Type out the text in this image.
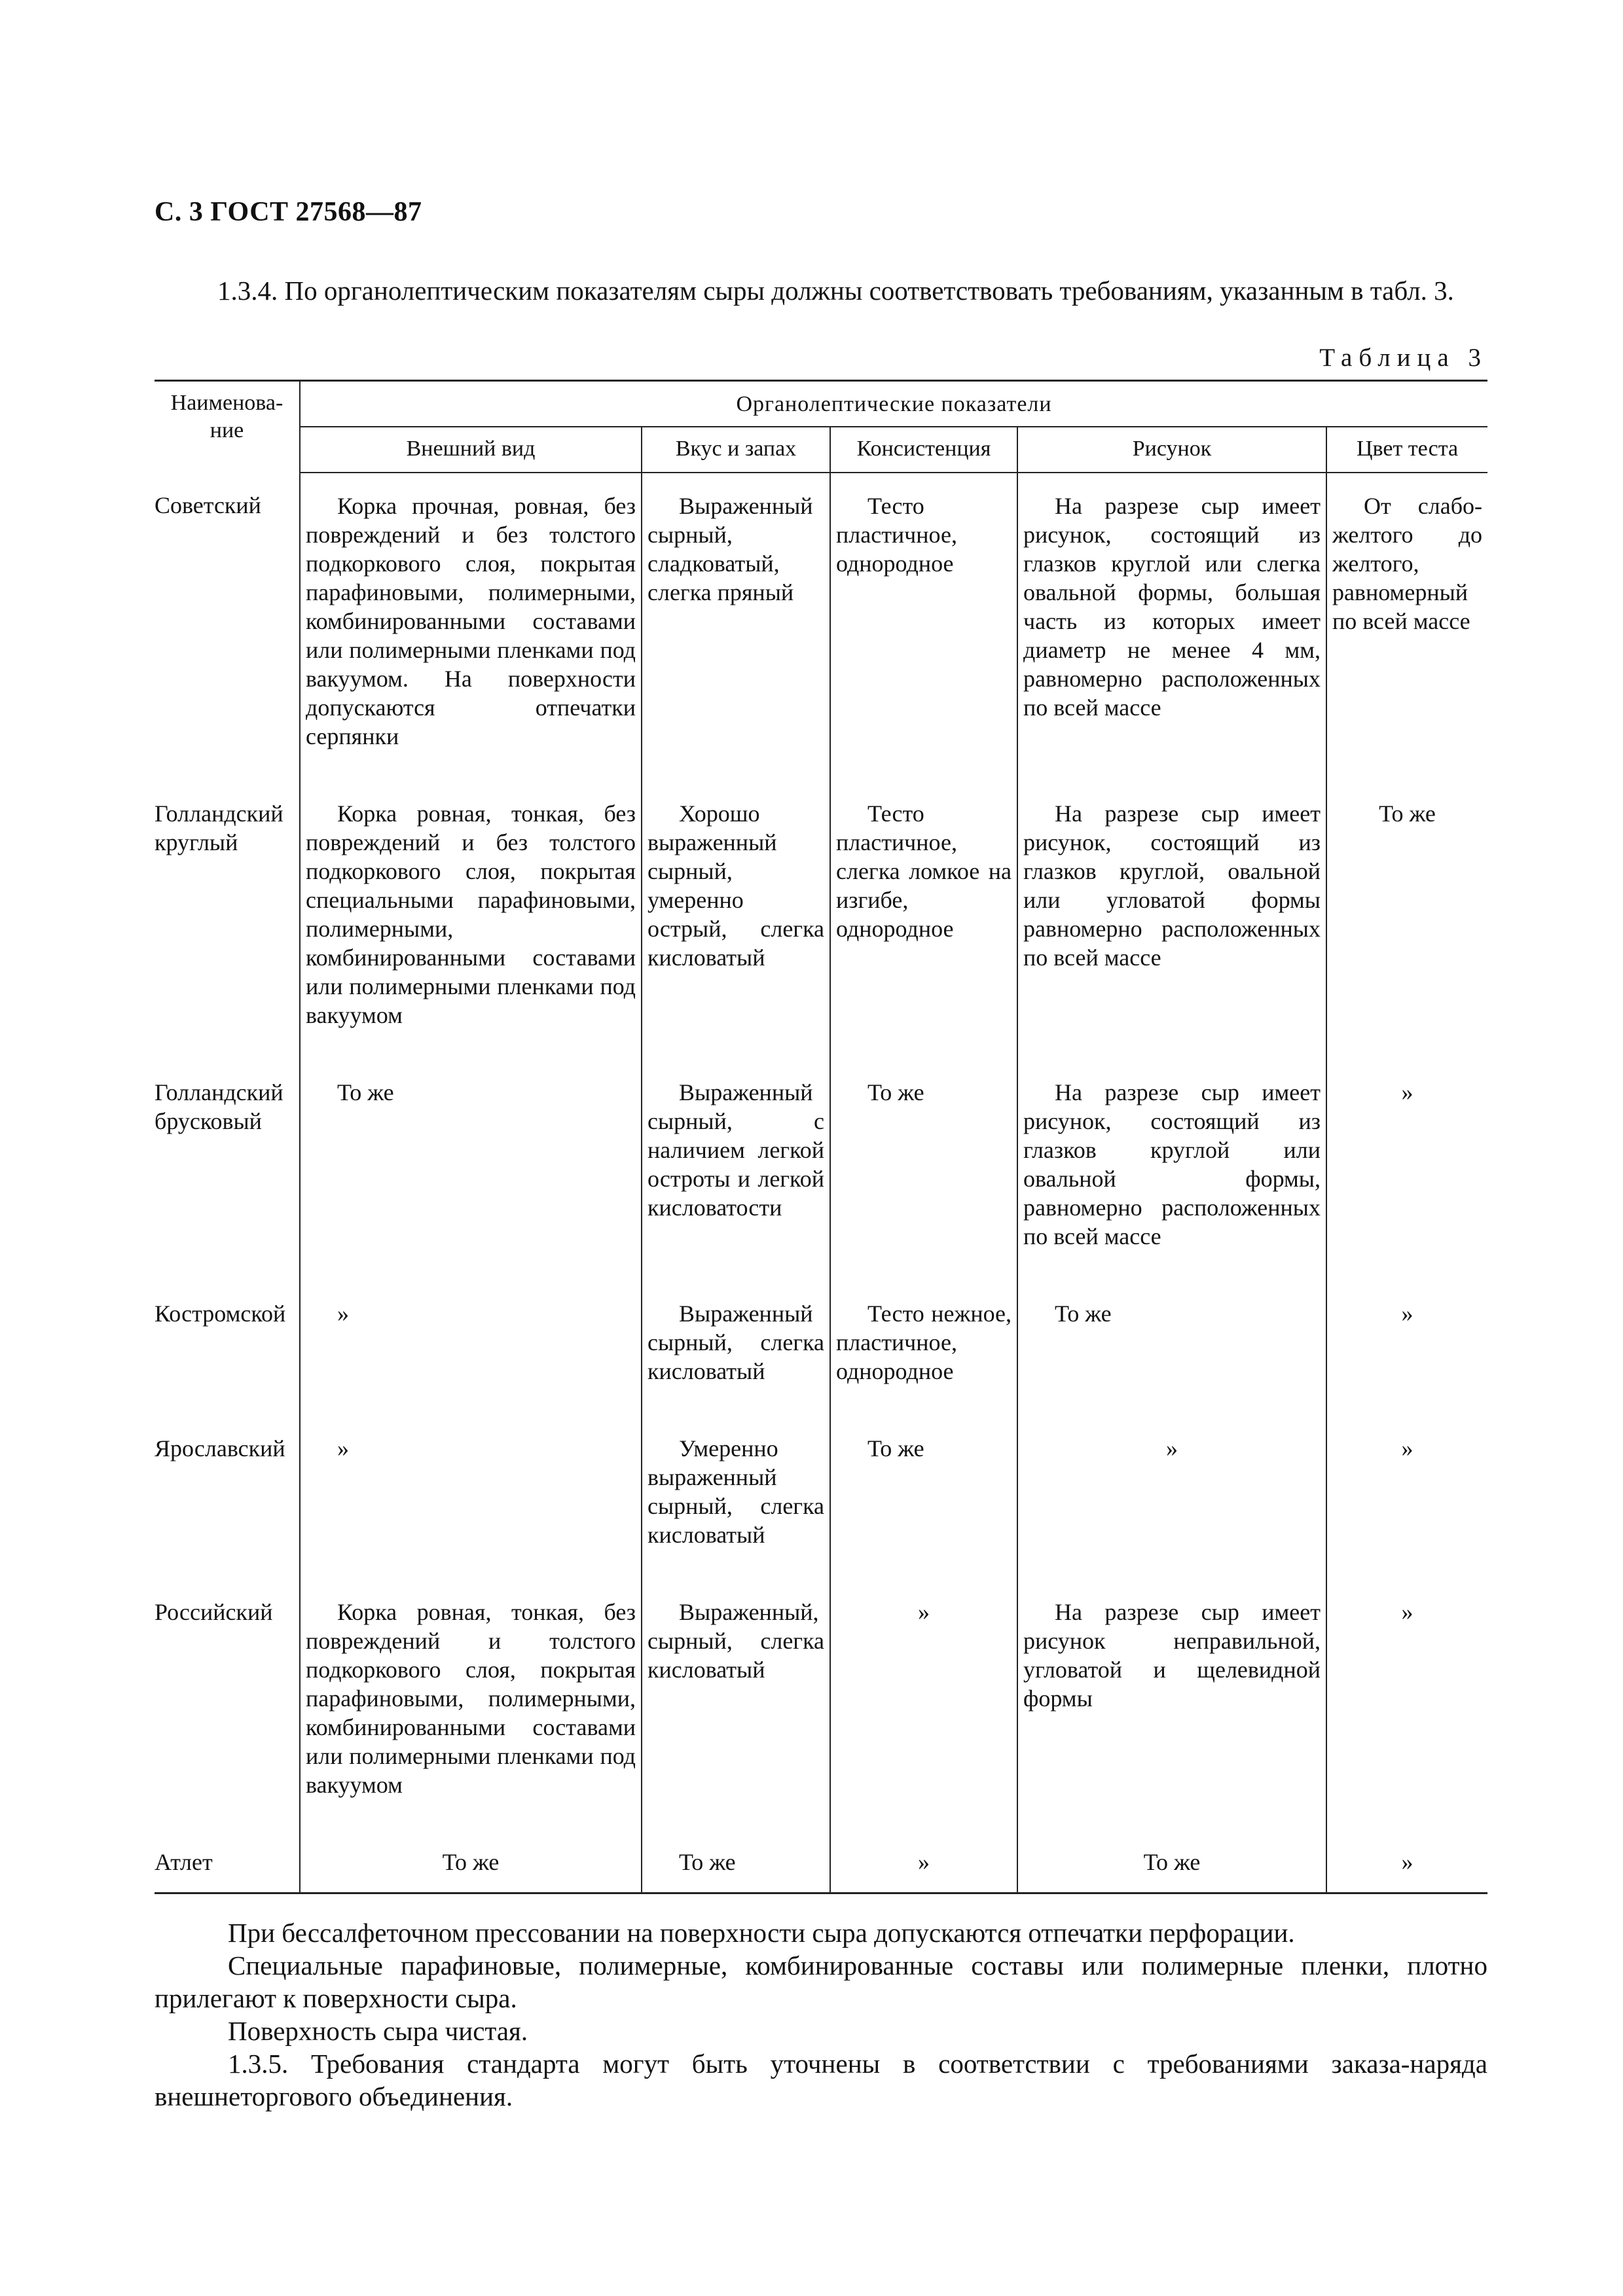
С. 3 ГОСТ 27568—87

1.3.4. По органолептическим показателям сыры должны соответствовать требованиям, указанным в табл. 3.

Таблица 3
Наименова-ние	Органолептические показатели				
	Внешний вид	Вкус и запах	Консистенция	Рисунок	Цвет теста
Советский	Корка прочная, ровная, без повреждений и без толстого подкоркового слоя, покрытая парафиновыми, полимерными, комбинированными составами или полимерными пленками под вакуумом. На поверхности допускаются отпечатки серпянки	Выраженный сырный, сладковатый, слегка пряный	Тесто пластичное, однородное	На разрезе сыр имеет рисунок, состоящий из глазков круглой или слегка овальной формы, большая часть из которых имеет диаметр не менее 4 мм, равномерно расположенных по всей массе	От слабо-желтого до желтого, равномерный по всей массе
Голландский круглый	Корка ровная, тонкая, без повреждений и без толстого подкоркового слоя, покрытая специальными парафиновыми, полимерными, комбинированными составами или полимерными пленками под вакуумом	Хорошо выраженный сырный, умеренно острый, слегка кисловатый	Тесто пластичное, слегка ломкое на изгибе, однородное	На разрезе сыр имеет рисунок, состоящий из глазков круглой, овальной или угловатой формы равномерно расположенных по всей массе	То же
Голландский брусковый	То же	Выраженный сырный, с наличием легкой остроты и легкой кисловатости	То же	На разрезе сыр имеет рисунок, состоящий из глазков круглой или овальной формы, равномерно расположенных по всей массе	»
Костромской	»	Выраженный сырный, слегка кисловатый	Тесто нежное, пластичное, однородное	То же	»
Ярославский	»	Умеренно выраженный сырный, слегка кисловатый	То же	»	»
Российский	Корка ровная, тонкая, без повреждений и толстого подкоркового слоя, покрытая парафиновыми, полимерными, комбинированными составами или полимерными пленками под вакуумом	Выраженный, сырный, слегка кисловатый	»	На разрезе сыр имеет рисунок неправильной, угловатой и щелевидной формы	»
Атлет	То же	То же	»	То же	»

При бессалфеточном прессовании на поверхности сыра допускаются отпечатки перфорации.

Специальные парафиновые, полимерные, комбинированные составы или полимерные пленки, плотно прилегают к поверхности сыра.

Поверхность сыра чистая.

1.3.5. Требования стандарта могут быть уточнены в соответствии с требованиями заказа-наряда внешнеторгового объединения.
